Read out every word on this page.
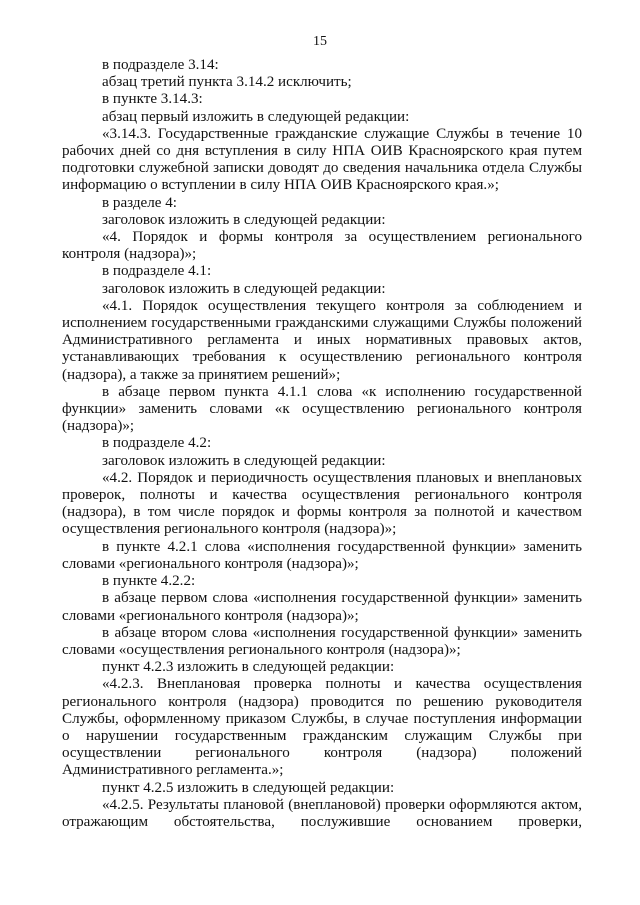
15

в подразделе 3.14:

абзац третий пункта 3.14.2 исключить;

в пункте 3.14.3:

абзац первый изложить в следующей редакции:

«3.14.3. Государственные гражданские служащие Службы в течение 10 рабочих дней со дня вступления в силу НПА ОИВ Красноярского края путем подготовки служебной записки доводят до сведения начальника отдела Службы информацию о вступлении в силу НПА ОИВ Красноярского края.»;

в разделе 4:

заголовок изложить в следующей редакции:

«4. Порядок и формы контроля за осуществлением регионального контроля (надзора)»;

в подразделе 4.1:

заголовок изложить в следующей редакции:

«4.1. Порядок осуществления текущего контроля за соблюдением и исполнением государственными гражданскими служащими Службы положений Административного регламента и иных нормативных правовых актов, устанавливающих требования к осуществлению регионального контроля (надзора), а также за принятием решений»;

в абзаце первом пункта 4.1.1 слова «к исполнению государственной функции» заменить словами «к осуществлению регионального контроля (надзора)»;

в подразделе 4.2:

заголовок изложить в следующей редакции:

«4.2. Порядок и периодичность осуществления плановых и внеплановых проверок, полноты и качества осуществления регионального контроля (надзора), в том числе порядок и формы контроля за полнотой и качеством осуществления регионального контроля (надзора)»;

в пункте 4.2.1 слова «исполнения государственной функции» заменить словами «регионального контроля (надзора)»;

в пункте 4.2.2:

в абзаце первом слова «исполнения государственной функции» заменить словами «регионального контроля (надзора)»;

в абзаце втором слова «исполнения государственной функции» заменить словами «осуществления регионального контроля (надзора)»;

пункт 4.2.3 изложить в следующей редакции:

«4.2.3. Внеплановая проверка полноты и качества осуществления регионального контроля (надзора) проводится по решению руководителя Службы, оформленному приказом Службы, в случае поступления информации о нарушении государственным гражданским служащим Службы при осуществлении регионального контроля (надзора) положений Административного регламента.»;

пункт 4.2.5 изложить в следующей редакции:

«4.2.5. Результаты плановой (внеплановой) проверки оформляются актом, отражающим обстоятельства, послужившие основанием проверки,
